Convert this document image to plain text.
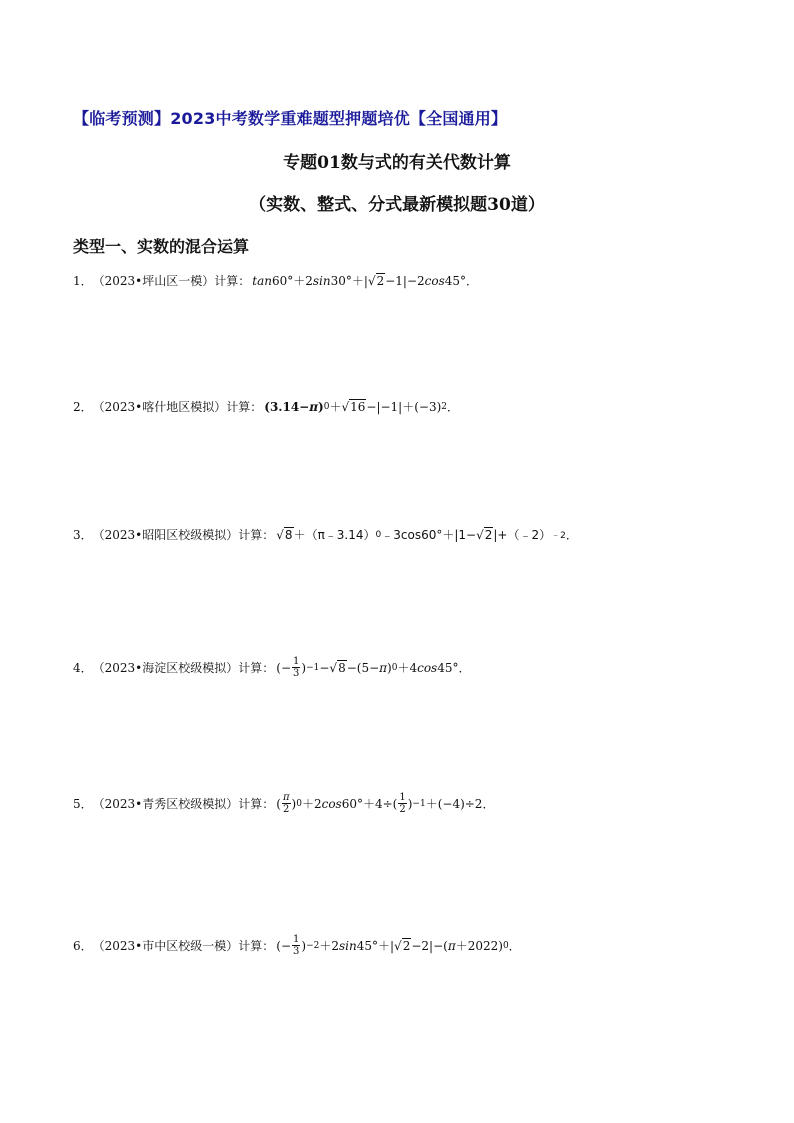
【临考预测】2023中考数学重难题型押题培优【全国通用】
专题01数与式的有关代数计算
（实数、整式、分式最新模拟题30道）
类型一、实数的混合运算
1． （2023•坪山区一模）计算： tan 60°＋2 sin 30°＋|√ 2 −1|−2 cos 45°．
2． （2023•喀什地区模拟）计算： (3.14−π) 0 ＋√ 16 −|−1|＋(−3) 2 ．
3． （2023•昭阳区校级模拟）计算： √ 8 ＋（π﹣3.14） 0 ﹣3cos60°＋|1−√ 2 |+（﹣2） ﹣2 ．
4． （2023•海淀区校级模拟）计算： (− $\frac{1}{3}$ ) −1 −√ 8 −(5− π ) 0 ＋4 cos 45°．
5． （2023•青秀区校级模拟）计算： ( $\frac{\pi}{2}$ ) 0 ＋2 $\cos 60^\circ+4\div( \frac{1}{2}$ ) −1 ＋(−4)÷2．
6． （2023•市中区校级一模）计算： (− $\frac{1}{3}$ ) −2 ＋2 sin 45°＋|√ 2 −2|−( π ＋2022) 0 ．
